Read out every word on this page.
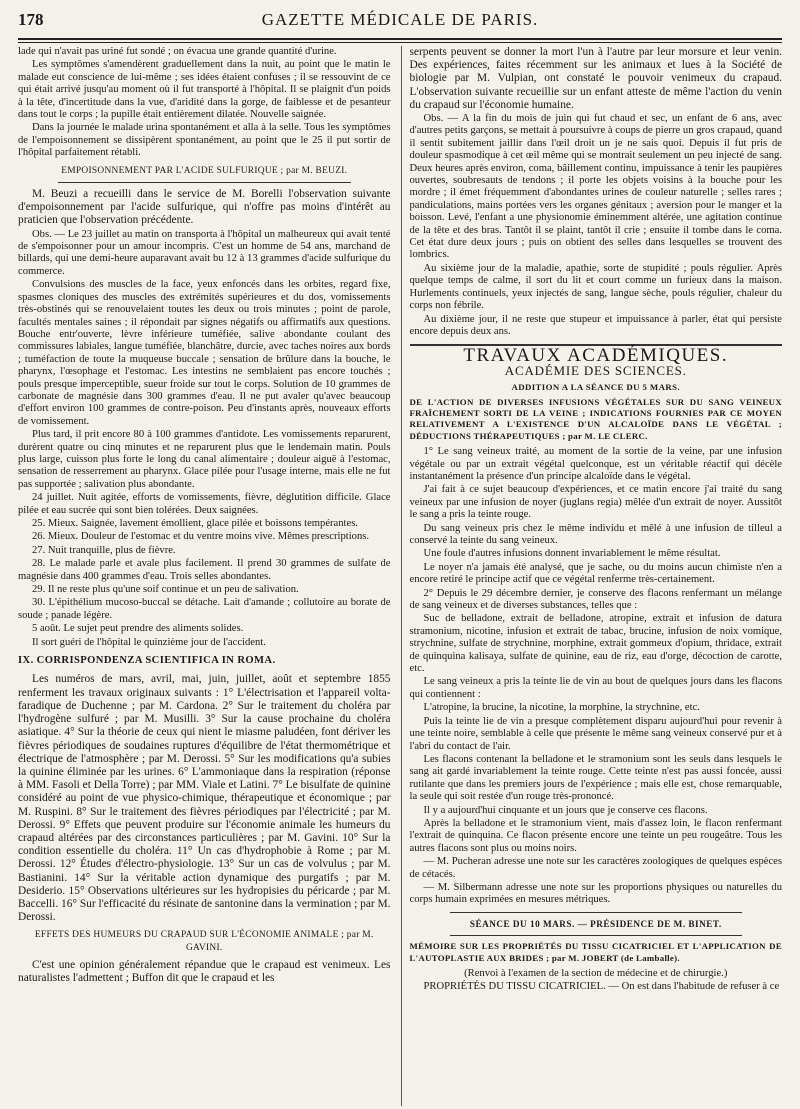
178	GAZETTE MÉDICALE DE PARIS.

lade qui n'avait pas uriné fut sondé ; on évacua une grande quantité d'urine.

Les symptômes s'amendèrent graduellement dans la nuit, au point que le matin le malade eut conscience de lui-même ; ses idées étaient confuses ; il se ressouvint de ce qui était arrivé jusqu'au moment où il fut transporté à l'hôpital. Il se plaignit d'un poids à la tête, d'incertitude dans la vue, d'aridité dans la gorge, de faiblesse et de pesanteur dans tout le corps ; la pupille était entièrement dilatée. Nouvelle saignée.

Dans la journée le malade urina spontanément et alla à la selle. Tous les symptômes de l'empoisonnement se dissipèrent spontanément, au point que le 25 il put sortir de l'hôpital parfaitement rétabli.

EMPOISONNEMENT PAR L'ACIDE SULFURIQUE ; par M. BEUZI.

M. Beuzi a recueilli dans le service de M. Borelli l'observation suivante d'empoisonnement par l'acide sulfurique, qui n'offre pas moins d'intérêt au praticien que l'observation précédente.

Obs. — Le 23 juillet au matin on transporta à l'hôpital un malheureux qui avait tenté de s'empoisonner pour un amour incompris. C'est un homme de 54 ans, marchand de billards, qui une demi-heure auparavant avait bu 12 à 13 grammes d'acide sulfurique du commerce.

Convulsions des muscles de la face, yeux enfoncés dans les orbites, regard fixe, spasmes cloniques des muscles des extrémités supérieures et du dos, vomissements très-obstinés qui se renouvelaient toutes les deux ou trois minutes ; point de parole, facultés mentales saines ; il répondait par signes négatifs ou affirmatifs aux questions. Bouche entr'ouverte, lèvre inférieure tuméfiée, salive abondante coulant des commissures labiales, langue tuméfiée, blanchâtre, durcie, avec taches noires aux bords ; tuméfaction de toute la muqueuse buccale ; sensation de brûlure dans la bouche, le pharynx, l'œsophage et l'estomac. Les intestins ne semblaient pas encore touchés ; pouls presque imperceptible, sueur froide sur tout le corps. Solution de 10 grammes de carbonate de magnésie dans 300 grammes d'eau. Il ne put avaler qu'avec beaucoup d'effort environ 100 grammes de contre-poison. Peu d'instants après, nouveaux efforts de vomissement.

Plus tard, il prit encore 80 à 100 grammes d'antidote. Les vomissements reparurent, durèrent quatre ou cinq minutes et ne reparurent plus que le lendemain matin. Pouls plus large, cuisson plus forte le long du canal alimentaire ; douleur aiguë à l'estomac, sensation de resserrement au pharynx. Glace pilée pour l'usage interne, mais elle ne fut pas supportée ; salivation plus abondante.

24 juillet. Nuit agitée, efforts de vomissements, fièvre, déglutition difficile. Glace pilée et eau sucrée qui sont bien tolérées. Deux saignées.

25. Mieux. Saignée, lavement émollient, glace pilée et boissons tempérantes.

26. Mieux. Douleur de l'estomac et du ventre moins vive. Mêmes prescriptions.

27. Nuit tranquille, plus de fièvre.

28. Le malade parle et avale plus facilement. Il prend 30 grammes de sulfate de magnésie dans 400 grammes d'eau. Trois selles abondantes.

29. Il ne reste plus qu'une soif continue et un peu de salivation.

30. L'épithélium mucoso-buccal se détache. Lait d'amande ; collutoire au borate de soude ; panade légère.

5 août. Le sujet peut prendre des aliments solides.

Il sort guéri de l'hôpital le quinzième jour de l'accident.

IX. CORRISPONDENZA SCIENTIFICA IN ROMA.

Les numéros de mars, avril, mai, juin, juillet, août et septembre 1855 renferment les travaux originaux suivants : 1° L'électrisation et l'appareil volta-faradique de Duchenne ; par M. Cardona. 2° Sur le traitement du choléra par l'hydrogène sulfuré ; par M. Musilli. 3° Sur la cause prochaine du choléra asiatique. 4° Sur la théorie de ceux qui nient le miasme paludéen, font dériver les fièvres périodiques de soudaines ruptures d'équilibre de l'état thermométrique et électrique de l'atmosphère ; par M. Derossi. 5° Sur les modifications qu'a subies la quinine éliminée par les urines. 6° L'ammoniaque dans la respiration (réponse à MM. Fasoli et Della Torre) ; par MM. Viale et Latini. 7° Le bisulfate de quinine considéré au point de vue physico-chimique, thérapeutique et économique ; par M. Ruspini. 8° Sur le traitement des fièvres périodiques par l'électricité ; par M. Derossi. 9° Effets que peuvent produire sur l'économie animale les humeurs du crapaud altérées par des circonstances particulières ; par M. Gavini. 10° Sur la condition essentielle du choléra. 11° Un cas d'hydrophobie à Rome ; par M. Derossi. 12° Études d'électro-physiologie. 13° Sur un cas de volvulus ; par M. Bastianini. 14° Sur la véritable action dynamique des purgatifs ; par M. Desiderio. 15° Observations ultérieures sur les hydropisies du péricarde ; par M. Baccelli. 16° Sur l'efficacité du résinate de santonine dans la vermination ; par M. Derossi.

EFFETS DES HUMEURS DU CRAPAUD SUR L'ÉCONOMIE ANIMALE ; par M. GAVINI.

C'est une opinion généralement répandue que le crapaud est venimeux. Les naturalistes l'admettent ; Buffon dit que le crapaud et les

serpents peuvent se donner la mort l'un à l'autre par leur morsure et leur venin. Des expériences, faites récemment sur les animaux et lues à la Société de biologie par M. Vulpian, ont constaté le pouvoir venimeux du crapaud. L'observation suivante recueillie sur un enfant atteste de même l'action du venin du crapaud sur l'économie humaine.

Obs. — A la fin du mois de juin qui fut chaud et sec, un enfant de 6 ans, avec d'autres petits garçons, se mettait à poursuivre à coups de pierre un gros crapaud, quand il sentit subitement jaillir dans l'œil droit un je ne sais quoi. Depuis il fut pris de douleur spasmodique à cet œil même qui se montrait seulement un peu injecté de sang. Deux heures après environ, coma, bâillement continu, impuissance à tenir les paupières ouvertes, soubresauts de tendons ; il porte les objets voisins à la bouche pour les mordre ; il émet fréquemment d'abondantes urines de couleur naturelle ; selles rares ; pandiculations, mains portées vers les organes génitaux ; aversion pour le manger et la boisson. Levé, l'enfant a une physionomie éminemment altérée, une agitation continue de la tête et des bras. Tantôt il se plaint, tantôt il crie ; ensuite il tombe dans le coma. Cet état dure deux jours ; puis on obtient des selles dans lesquelles se trouvent des lombrics.

Au sixième jour de la maladie, apathie, sorte de stupidité ; pouls régulier. Après quelque temps de calme, il sort du lit et court comme un furieux dans la maison. Hurlements continuels, yeux injectés de sang, langue sèche, pouls régulier, chaleur du corps non fébrile.

Au dixième jour, il ne reste que stupeur et impuissance à parler, état qui persiste encore depuis deux ans.

TRAVAUX ACADÉMIQUES.

ACADÉMIE DES SCIENCES.

ADDITION A LA SÉANCE DU 5 MARS.

DE L'ACTION DE DIVERSES INFUSIONS VÉGÉTALES SUR DU SANG VEINEUX FRAÎCHEMENT SORTI DE LA VEINE ; INDICATIONS FOURNIES PAR CE MOYEN RELATIVEMENT A L'EXISTENCE D'UN ALCALOÏDE DANS LE VÉGÉTAL ; DÉDUCTIONS THÉRAPEUTIQUES ; par M. LE CLERC.

1° Le sang veineux traité, au moment de la sortie de la veine, par une infusion végétale ou par un extrait végétal quelconque, est un véritable réactif qui décèle instantanément la présence d'un principe alcaloïde dans le végétal.

J'ai fait à ce sujet beaucoup d'expériences, et ce matin encore j'ai traité du sang veineux par une infusion de noyer (juglans regia) mêlée d'un extrait de noyer. Aussitôt le sang a pris la teinte rouge.

Du sang veineux pris chez le même individu et mêlé à une infusion de tilleul a conservé la teinte du sang veineux.

Une foule d'autres infusions donnent invariablement le même résultat.

Le noyer n'a jamais été analysé, que je sache, ou du moins aucun chimiste n'en a encore retiré le principe actif que ce végétal renferme très-certainement.

2° Depuis le 29 décembre dernier, je conserve des flacons renfermant un mélange de sang veineux et de diverses substances, telles que :

Suc de belladone, extrait de belladone, atropine, extrait et infusion de datura stramonium, nicotine, infusion et extrait de tabac, brucine, infusion de noix vomique, strychnine, sulfate de strychnine, morphine, extrait gommeux d'opium, thridace, extrait de quinquina kalisaya, sulfate de quinine, eau de riz, eau d'orge, décoction de carotte, etc.

Le sang veineux a pris la teinte lie de vin au bout de quelques jours dans les flacons qui contiennent :

L'atropine, la brucine, la nicotine, la morphine, la strychnine, etc.

Puis la teinte lie de vin a presque complètement disparu aujourd'hui pour revenir à une teinte noire, semblable à celle que présente le même sang veineux conservé pur et à l'abri du contact de l'air.

Les flacons contenant la belladone et le stramonium sont les seuls dans lesquels le sang ait gardé invariablement la teinte rouge. Cette teinte n'est pas aussi foncée, aussi rutilante que dans les premiers jours de l'expérience ; mais elle est, chose remarquable, la seule qui soit restée d'un rouge très-prononcé.

Il y a aujourd'hui cinquante et un jours que je conserve ces flacons.

Après la belladone et le stramonium vient, mais d'assez loin, le flacon renfermant l'extrait de quinquina. Ce flacon présente encore une teinte un peu rougeâtre. Tous les autres flacons sont plus ou moins noirs.

— M. Pucheran adresse une note sur les caractères zoologiques de quelques espèces de cétacés.

— M. Silbermann adresse une note sur les proportions physiques ou naturelles du corps humain exprimées en mesures métriques.

SÉANCE DU 10 MARS. — PRÉSIDENCE DE M. BINET.

MÉMOIRE SUR LES PROPRIÉTÉS DU TISSU CICATRICIEL ET L'APPLICATION DE L'AUTOPLASTIE AUX BRIDES ; par M. JOBERT (de Lamballe).

(Renvoi à l'examen de la section de médecine et de chirurgie.)

PROPRIÉTÉS DU TISSU CICATRICIEL. — On est dans l'habitude de refuser à ce
